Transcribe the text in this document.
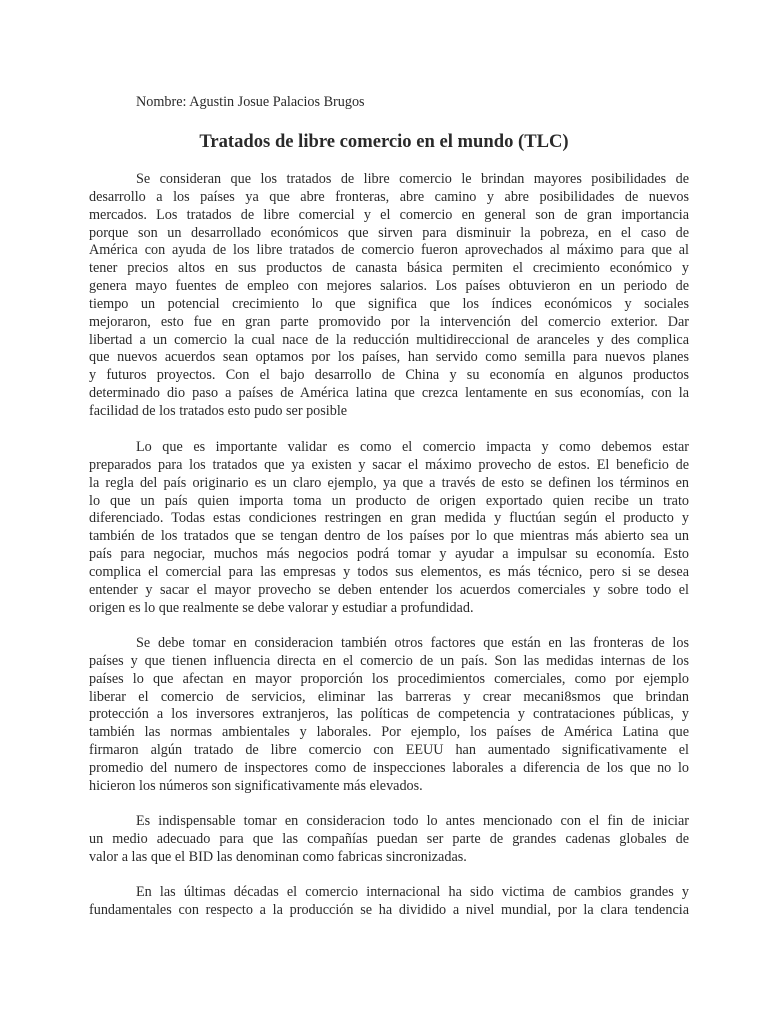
Nombre: Agustin Josue Palacios Brugos
Tratados de libre comercio en el mundo (TLC)
Se consideran que los tratados de libre comercio le brindan mayores posibilidades de
desarrollo a los países ya que abre fronteras, abre camino y abre posibilidades de nuevos
mercados. Los tratados de libre comercial y el comercio en general son de gran importancia
porque son un desarrollado económicos que sirven para disminuir la pobreza, en el caso de
América con ayuda de los libre tratados de comercio fueron aprovechados al máximo para que al
tener precios altos en sus productos de canasta básica permiten el crecimiento económico y
genera mayo fuentes de empleo con mejores salarios. Los países obtuvieron en un periodo de
tiempo un potencial crecimiento lo que significa que los índices económicos y sociales
mejoraron, esto fue en gran parte promovido por la intervención del comercio exterior. Dar
libertad a un comercio la cual nace de la reducción multidireccional de aranceles y des complica
que nuevos acuerdos sean optamos por los países, han servido como semilla para nuevos planes
y futuros proyectos. Con el bajo desarrollo de China y su economía en algunos productos
determinado dio paso a países de América latina que crezca lentamente en sus economías, con la
facilidad de los tratados esto pudo ser posible
Lo que es importante validar es como el comercio impacta y como debemos estar
preparados para los tratados que ya existen y sacar el máximo provecho de estos. El beneficio de
la regla del país originario es un claro ejemplo, ya que a través de esto se definen los términos en
lo que un país quien importa toma un producto de origen exportado quien recibe un trato
diferenciado. Todas estas condiciones restringen en gran medida y fluctúan según el producto y
también de los tratados que se tengan dentro de los países por lo que mientras más abierto sea un
país para negociar, muchos más negocios podrá tomar y ayudar a impulsar su economía. Esto
complica el comercial para las empresas y todos sus elementos, es más técnico, pero si se desea
entender y sacar el mayor provecho se deben entender los acuerdos comerciales y sobre todo el
origen es lo que realmente se debe valorar y estudiar a profundidad.
Se debe tomar en consideracion también otros factores que están en las fronteras de los
países y que tienen influencia directa en el comercio de un país. Son las medidas internas de los
países lo que afectan en mayor proporción los procedimientos comerciales, como por ejemplo
liberar el comercio de servicios, eliminar las barreras y crear mecani8smos que brindan
protección a los inversores extranjeros, las políticas de competencia y contrataciones públicas, y
también las normas ambientales y laborales. Por ejemplo, los países de América Latina que
firmaron algún tratado de libre comercio con EEUU han aumentado significativamente el
promedio del numero de inspectores como de inspecciones laborales a diferencia de los que no lo
hicieron los números son significativamente más elevados.
Es indispensable tomar en consideracion todo lo antes mencionado con el fin de iniciar
un medio adecuado para que las compañías puedan ser parte de grandes cadenas globales de
valor a las que el BID las denominan como fabricas sincronizadas.
En las últimas décadas el comercio internacional ha sido victima de cambios grandes y
fundamentales con respecto a la producción se ha dividido a nivel mundial, por la clara tendencia
